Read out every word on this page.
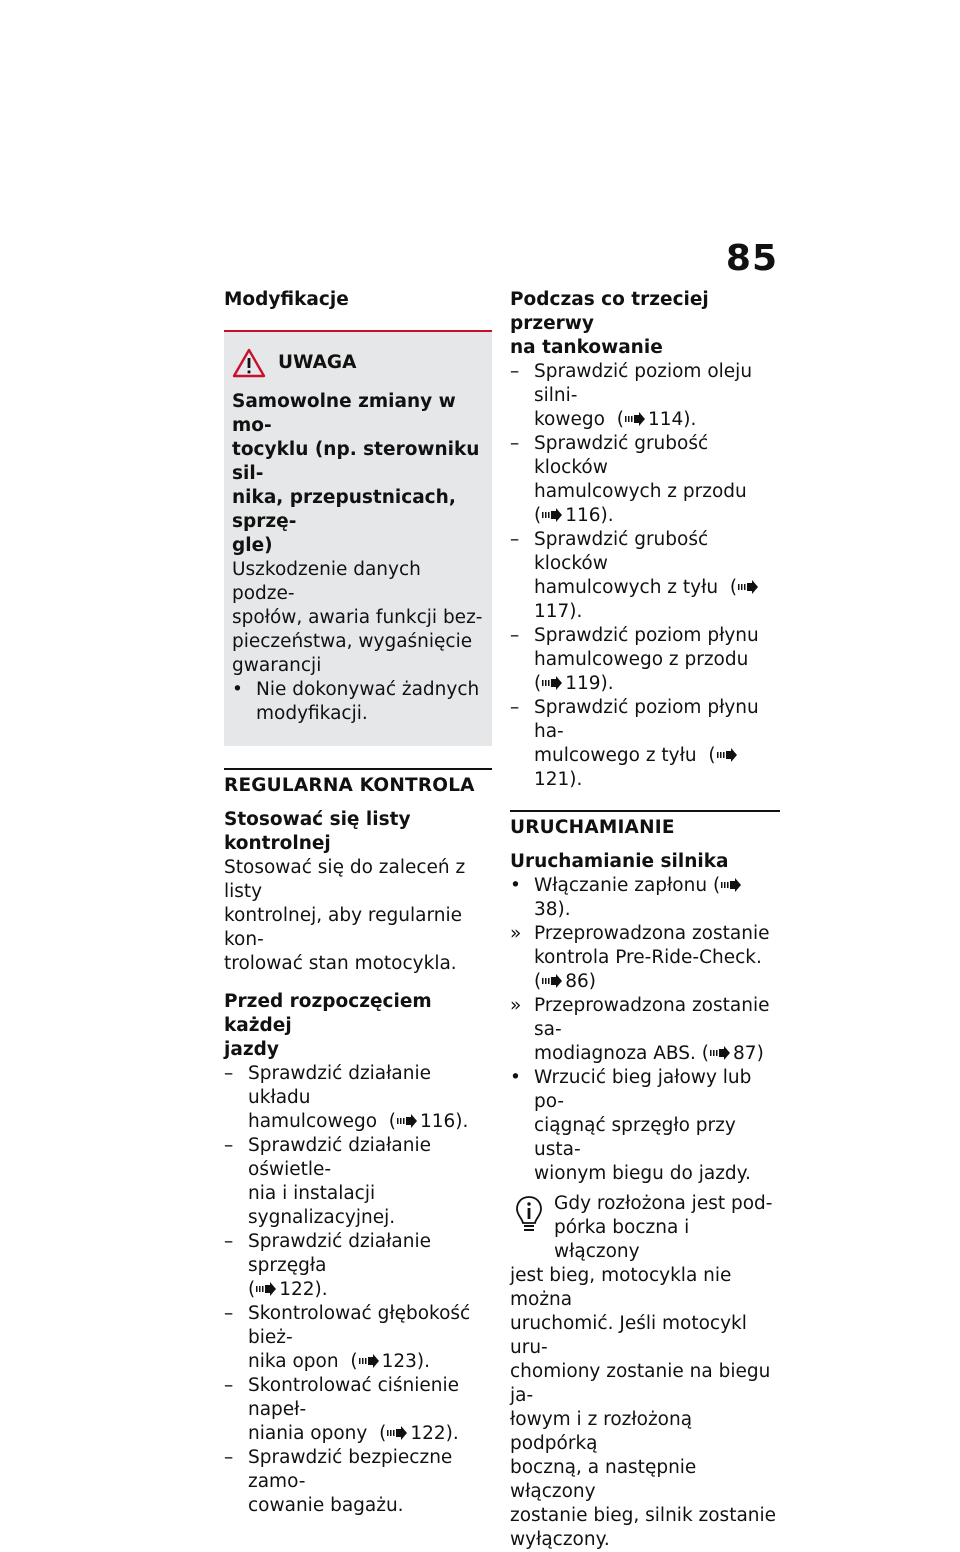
85

Modyfikacje

UWAGA

Samowolne zmiany w mo-

tocyklu (np. sterowniku sil-

nika, przepustnicach, sprzę-

gle)

Uszkodzenie danych podze-

społów, awaria funkcji bez-

pieczeństwa, wygaśnięcie

gwarancji

• Nie dokonywać żadnych
modyfikacji.

REGULARNA KONTROLA

Stosować się listy kontrolnej

Stosować się do zaleceń z listy

kontrolnej, aby regularnie kon-

trolować stan motocykla.

Przed rozpoczęciem każdej

jazdy

– Sprawdzić działanie układu
hamulcowego  ( 116).
– Sprawdzić działanie oświetle-
nia i instalacji sygnalizacyjnej.
– Sprawdzić działanie sprzęgła
( 122).
– Skontrolować głębokość bież-
nika opon  ( 123).
– Skontrolować ciśnienie napeł-
niania opony  ( 122).
– Sprawdzić bezpieczne zamo-
cowanie bagażu.

Podczas co trzeciej przerwy

na tankowanie

– Sprawdzić poziom oleju silni-
kowego  ( 114).
– Sprawdzić grubość klocków
hamulcowych z przodu
( 116).
– Sprawdzić grubość klocków
hamulcowych z tyłu  (117).
– Sprawdzić poziom płynu
hamulcowego z przodu
( 119).
– Sprawdzić poziom płynu ha-
mulcowego z tyłu  (121).

URUCHAMIANIE

Uruchamianie silnika

• Włączanie zapłonu (38).
» Przeprowadzona zostanie
kontrola Pre-Ride-Check.
( 86)
» Przeprowadzona zostanie sa-
modiagnoza ABS. ( 87)
• Wrzucić bieg jałowy lub po-
ciągnąć sprzęgło przy usta-
wionym biegu do jazdy.

Gdy rozłożona jest pod-

pórka boczna i włączony

jest bieg, motocykla nie można

uruchomić. Jeśli motocykl uru-

chomiony zostanie na biegu ja-

łowym i z rozłożoną podpórką

boczną, a następnie włączony

zostanie bieg, silnik zostanie

wyłączony.
